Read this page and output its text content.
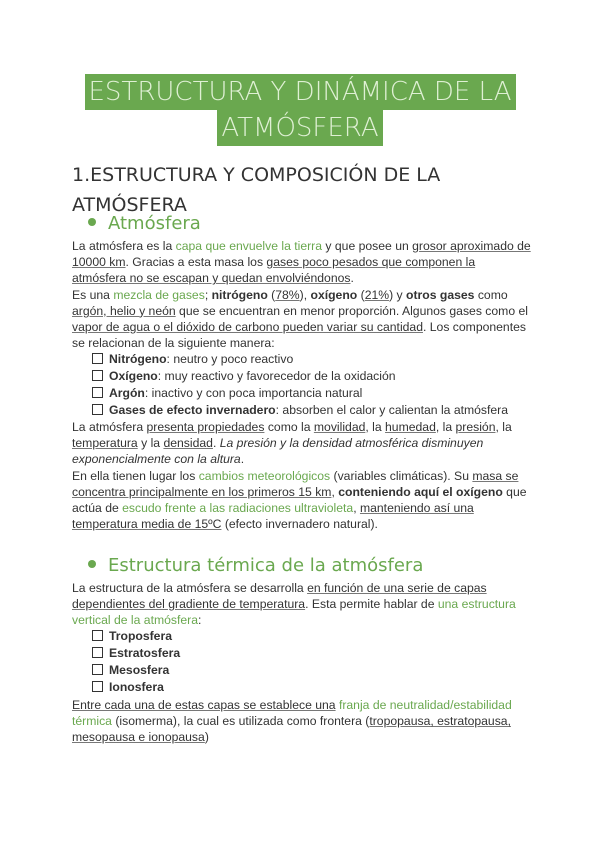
ESTRUCTURA Y DINÁMICA DE LA
ATMÓSFERA
1.ESTRUCTURA Y COMPOSICIÓN DE LA
ATMÓSFERA
Atmósfera
La atmósfera es la capa que envuelve la tierra y que posee un grosor aproximado de 10000 km. Gracias a esta masa los gases poco pesados que componen la atmósfera no se escapan y quedan envolviéndonos.
Es una mezcla de gases; nitrógeno (78%), oxígeno (21%) y otros gases como argón, helio y neón que se encuentran en menor proporción. Algunos gases como el vapor de agua o el dióxido de carbono pueden variar su cantidad. Los componentes se relacionan de la siguiente manera:
Nitrógeno: neutro y poco reactivo
Oxígeno: muy reactivo y favorecedor de la oxidación
Argón: inactivo y con poca importancia natural
Gases de efecto invernadero: absorben el calor y calientan la atmósfera
La atmósfera presenta propiedades como la movilidad, la humedad, la presión, la temperatura y la densidad. La presión y la densidad atmosférica disminuyen exponencialmente con la altura.
En ella tienen lugar los cambios meteorológicos (variables climáticas). Su masa se concentra principalmente en los primeros 15 km, conteniendo aquí el oxígeno que actúa de escudo frente a las radiaciones ultravioleta, manteniendo así una temperatura media de 15ºC (efecto invernadero natural).
Estructura térmica de la atmósfera
La estructura de la atmósfera se desarrolla en función de una serie de capas dependientes del gradiente de temperatura. Esta permite hablar de una estructura vertical de la atmósfera:
Troposfera
Estratosfera
Mesosfera
Ionosfera
Entre cada una de estas capas se establece una franja de neutralidad/estabilidad térmica (isomerma), la cual es utilizada como frontera (tropopausa, estratopausa, mesopausa e ionopausa)
